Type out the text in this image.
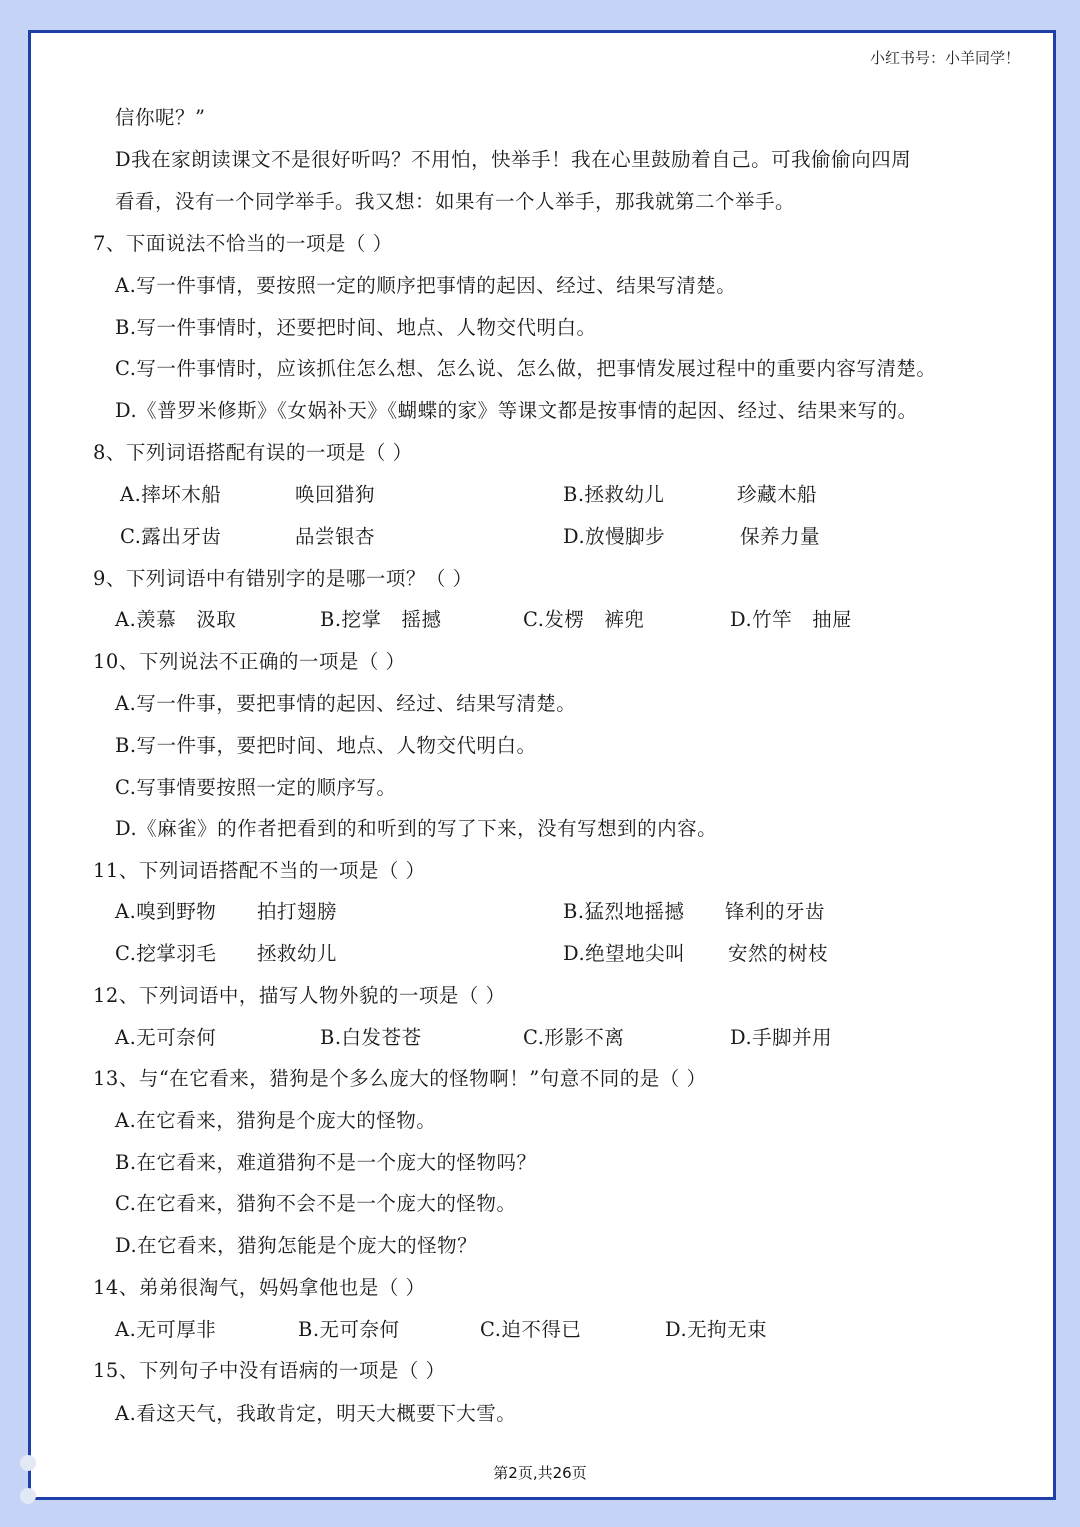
小红书号：小羊同学！
信你呢？”
D我在家朗读课文不是很好听吗？不用怕，快举手！我在心里鼓励着自己。可我偷偷向四周
看看，没有一个同学举手。我又想：如果有一个人举手，那我就第二个举手。
7、下面说法不恰当的一项是（ ）
A.写一件事情，要按照一定的顺序把事情的起因、经过、结果写清楚。
B.写一件事情时，还要把时间、地点、人物交代明白。
C.写一件事情时，应该抓住怎么想、怎么说、怎么做，把事情发展过程中的重要内容写清楚。
D.《普罗米修斯》《女娲补天》《蝴蝶的家》等课文都是按事情的起因、经过、结果来写的。
8、下列词语搭配有误的一项是（ ）
A.摔坏木船	唤回猎狗	B.拯救幼儿	珍藏木船
C.露出牙齿	品尝银杏	D.放慢脚步	保养力量
9、下列词语中有错别字的是哪一项？（ ）
A.羡慕　汲取	B.挖掌　摇撼	C.发楞　裤兜	D.竹竿　抽屉
10、下列说法不正确的一项是（ ）
A.写一件事，要把事情的起因、经过、结果写清楚。
B.写一件事，要把时间、地点、人物交代明白。
C.写事情要按照一定的顺序写。
D.《麻雀》的作者把看到的和听到的写了下来，没有写想到的内容。
11、下列词语搭配不当的一项是（ ）
A.嗅到野物 拍打翅膀	B.猛烈地摇撼 锋利的牙齿
C.挖掌羽毛 拯救幼儿	D.绝望地尖叫 安然的树枝
12、下列词语中，描写人物外貌的一项是（ ）
A.无可奈何	B.白发苍苍	C.形影不离	D.手脚并用
13、与“在它看来，猎狗是个多么庞大的怪物啊！”句意不同的是（ ）
A.在它看来，猎狗是个庞大的怪物。
B.在它看来，难道猎狗不是一个庞大的怪物吗？
C.在它看来，猎狗不会不是一个庞大的怪物。
D.在它看来，猎狗怎能是个庞大的怪物？
14、弟弟很淘气，妈妈拿他也是（ ）
A.无可厚非	B.无可奈何	C.迫不得已	D.无拘无束
15、下列句子中没有语病的一项是（ ）
A.看这天气，我敢肯定，明天大概要下大雪。
第2页,共26页
